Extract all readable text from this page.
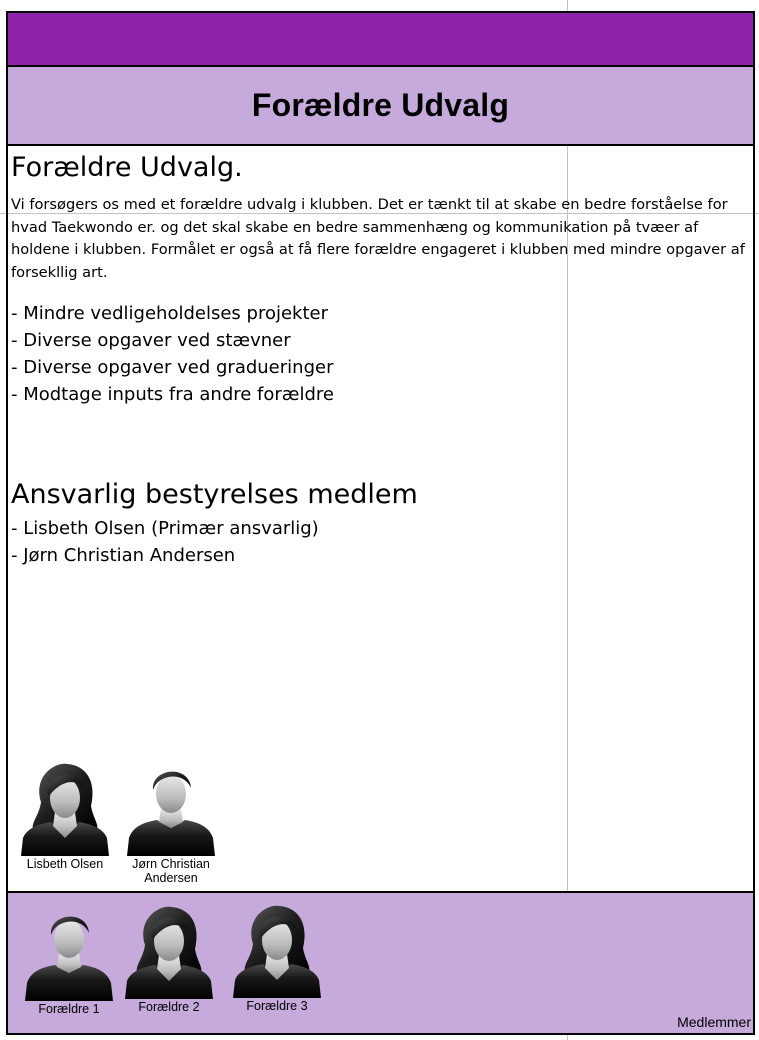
Forældre Udvalg
Forældre Udvalg.

Vi forsøgers os med et forældre udvalg i klubben. Det er tænkt til at skabe en bedre forståelse for hvad Taekwondo er. og det skal skabe en bedre sammenhæng og kommunikation på tvæer af holdene i klubben. Formålet er også at få flere forældre engageret i klubben med mindre opgaver af forsekllig art.

- Mindre vedligeholdelses projekter
- Diverse opgaver ved stævner
- Diverse opgaver ved gradueringer
- Modtage inputs fra andre forældre
Ansvarlig bestyrelses medlem
- Lisbeth Olsen (Primær ansvarlig)
- Jørn Christian Andersen
Lisbeth Olsen	Jørn Christian Andersen
Forældre 1	Forældre 2	Forældre 3
Medlemmer
